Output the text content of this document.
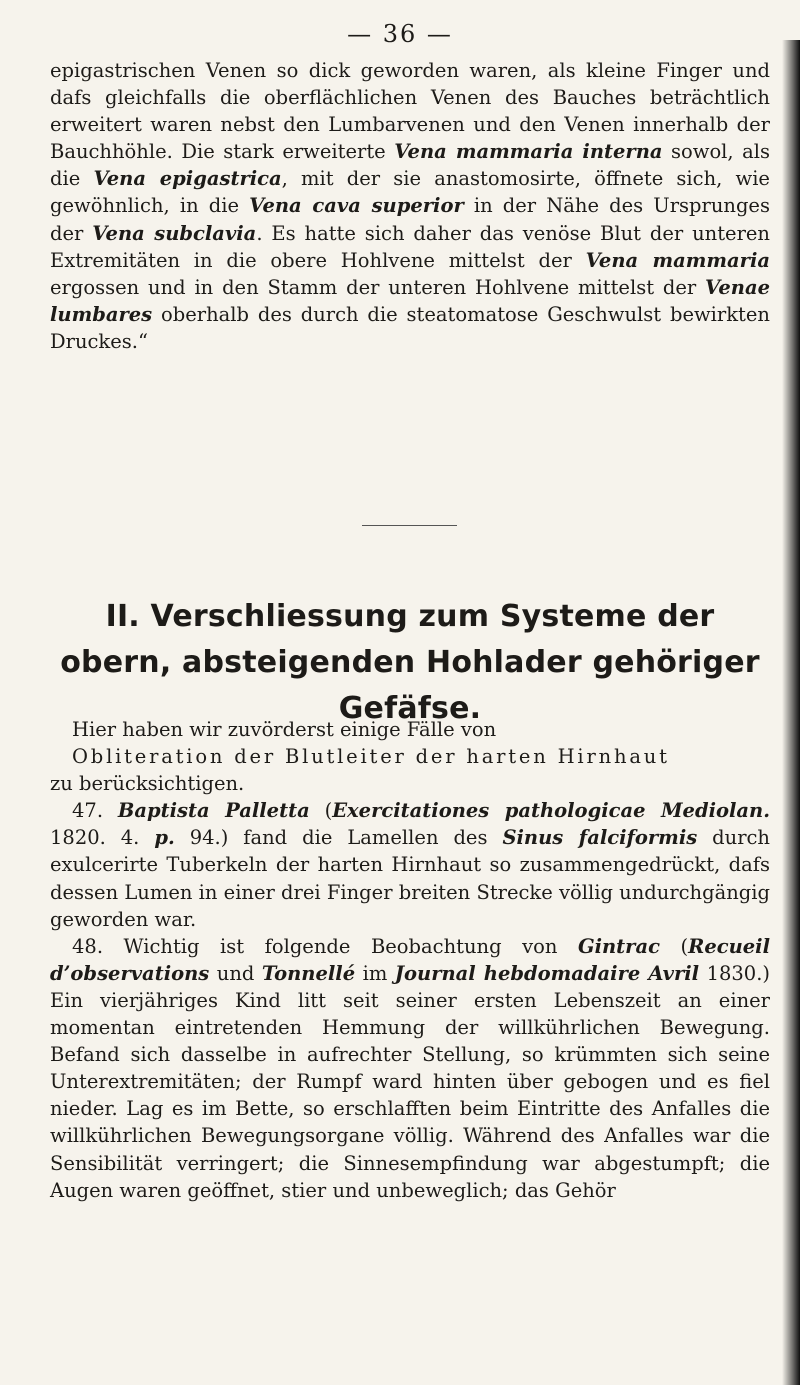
— 36 —

epigastrischen Venen so dick geworden waren, als kleine Finger und dafs gleichfalls die oberflächlichen Venen des Bauches beträchtlich erweitert waren nebst den Lumbarvenen und den Venen innerhalb der Bauchhöhle. Die stark erweiterte Vena mammaria interna sowol, als die Vena epigastrica, mit der sie anastomosirte, öffnete sich, wie gewöhnlich, in die Vena cava superior in der Nähe des Ursprunges der Vena subclavia. Es hatte sich daher das venöse Blut der unteren Extremitäten in die obere Hohlvene mittelst der Vena mammaria ergossen und in den Stamm der unteren Hohlvene mittelst der Venae lumbares oberhalb des durch die steatomatose Geschwulst bewirkten Druckes.“

II. Verschliessung zum Systeme der obern, absteigenden Hohlader gehöriger Gefäfse.

Hier haben wir zuvörderst einige Fälle von

Obliteration der Blutleiter der harten Hirnhaut

zu berücksichtigen.

47. Baptista Palletta (Exercitationes pathologicae Mediolan. 1820. 4. p. 94.) fand die Lamellen des Sinus falciformis durch exulcerirte Tuberkeln der harten Hirnhaut so zusammengedrückt, dafs dessen Lumen in einer drei Finger breiten Strecke völlig undurchgängig geworden war.

48. Wichtig ist folgende Beobachtung von Gintrac (Recueil d’observations und Tonnellé im Journal hebdomadaire Avril 1830.) Ein vierjähriges Kind litt seit seiner ersten Lebenszeit an einer momentan eintretenden Hemmung der willkührlichen Bewegung. Befand sich dasselbe in aufrechter Stellung, so krümmten sich seine Unterextremitäten; der Rumpf ward hinten über gebogen und es fiel nieder. Lag es im Bette, so erschlafften beim Eintritte des Anfalles die willkührlichen Bewegungsorgane völlig. Während des Anfalles war die Sensibilität verringert; die Sinnesempfindung war abgestumpft; die Augen waren geöffnet, stier und unbeweglich; das Gehör
